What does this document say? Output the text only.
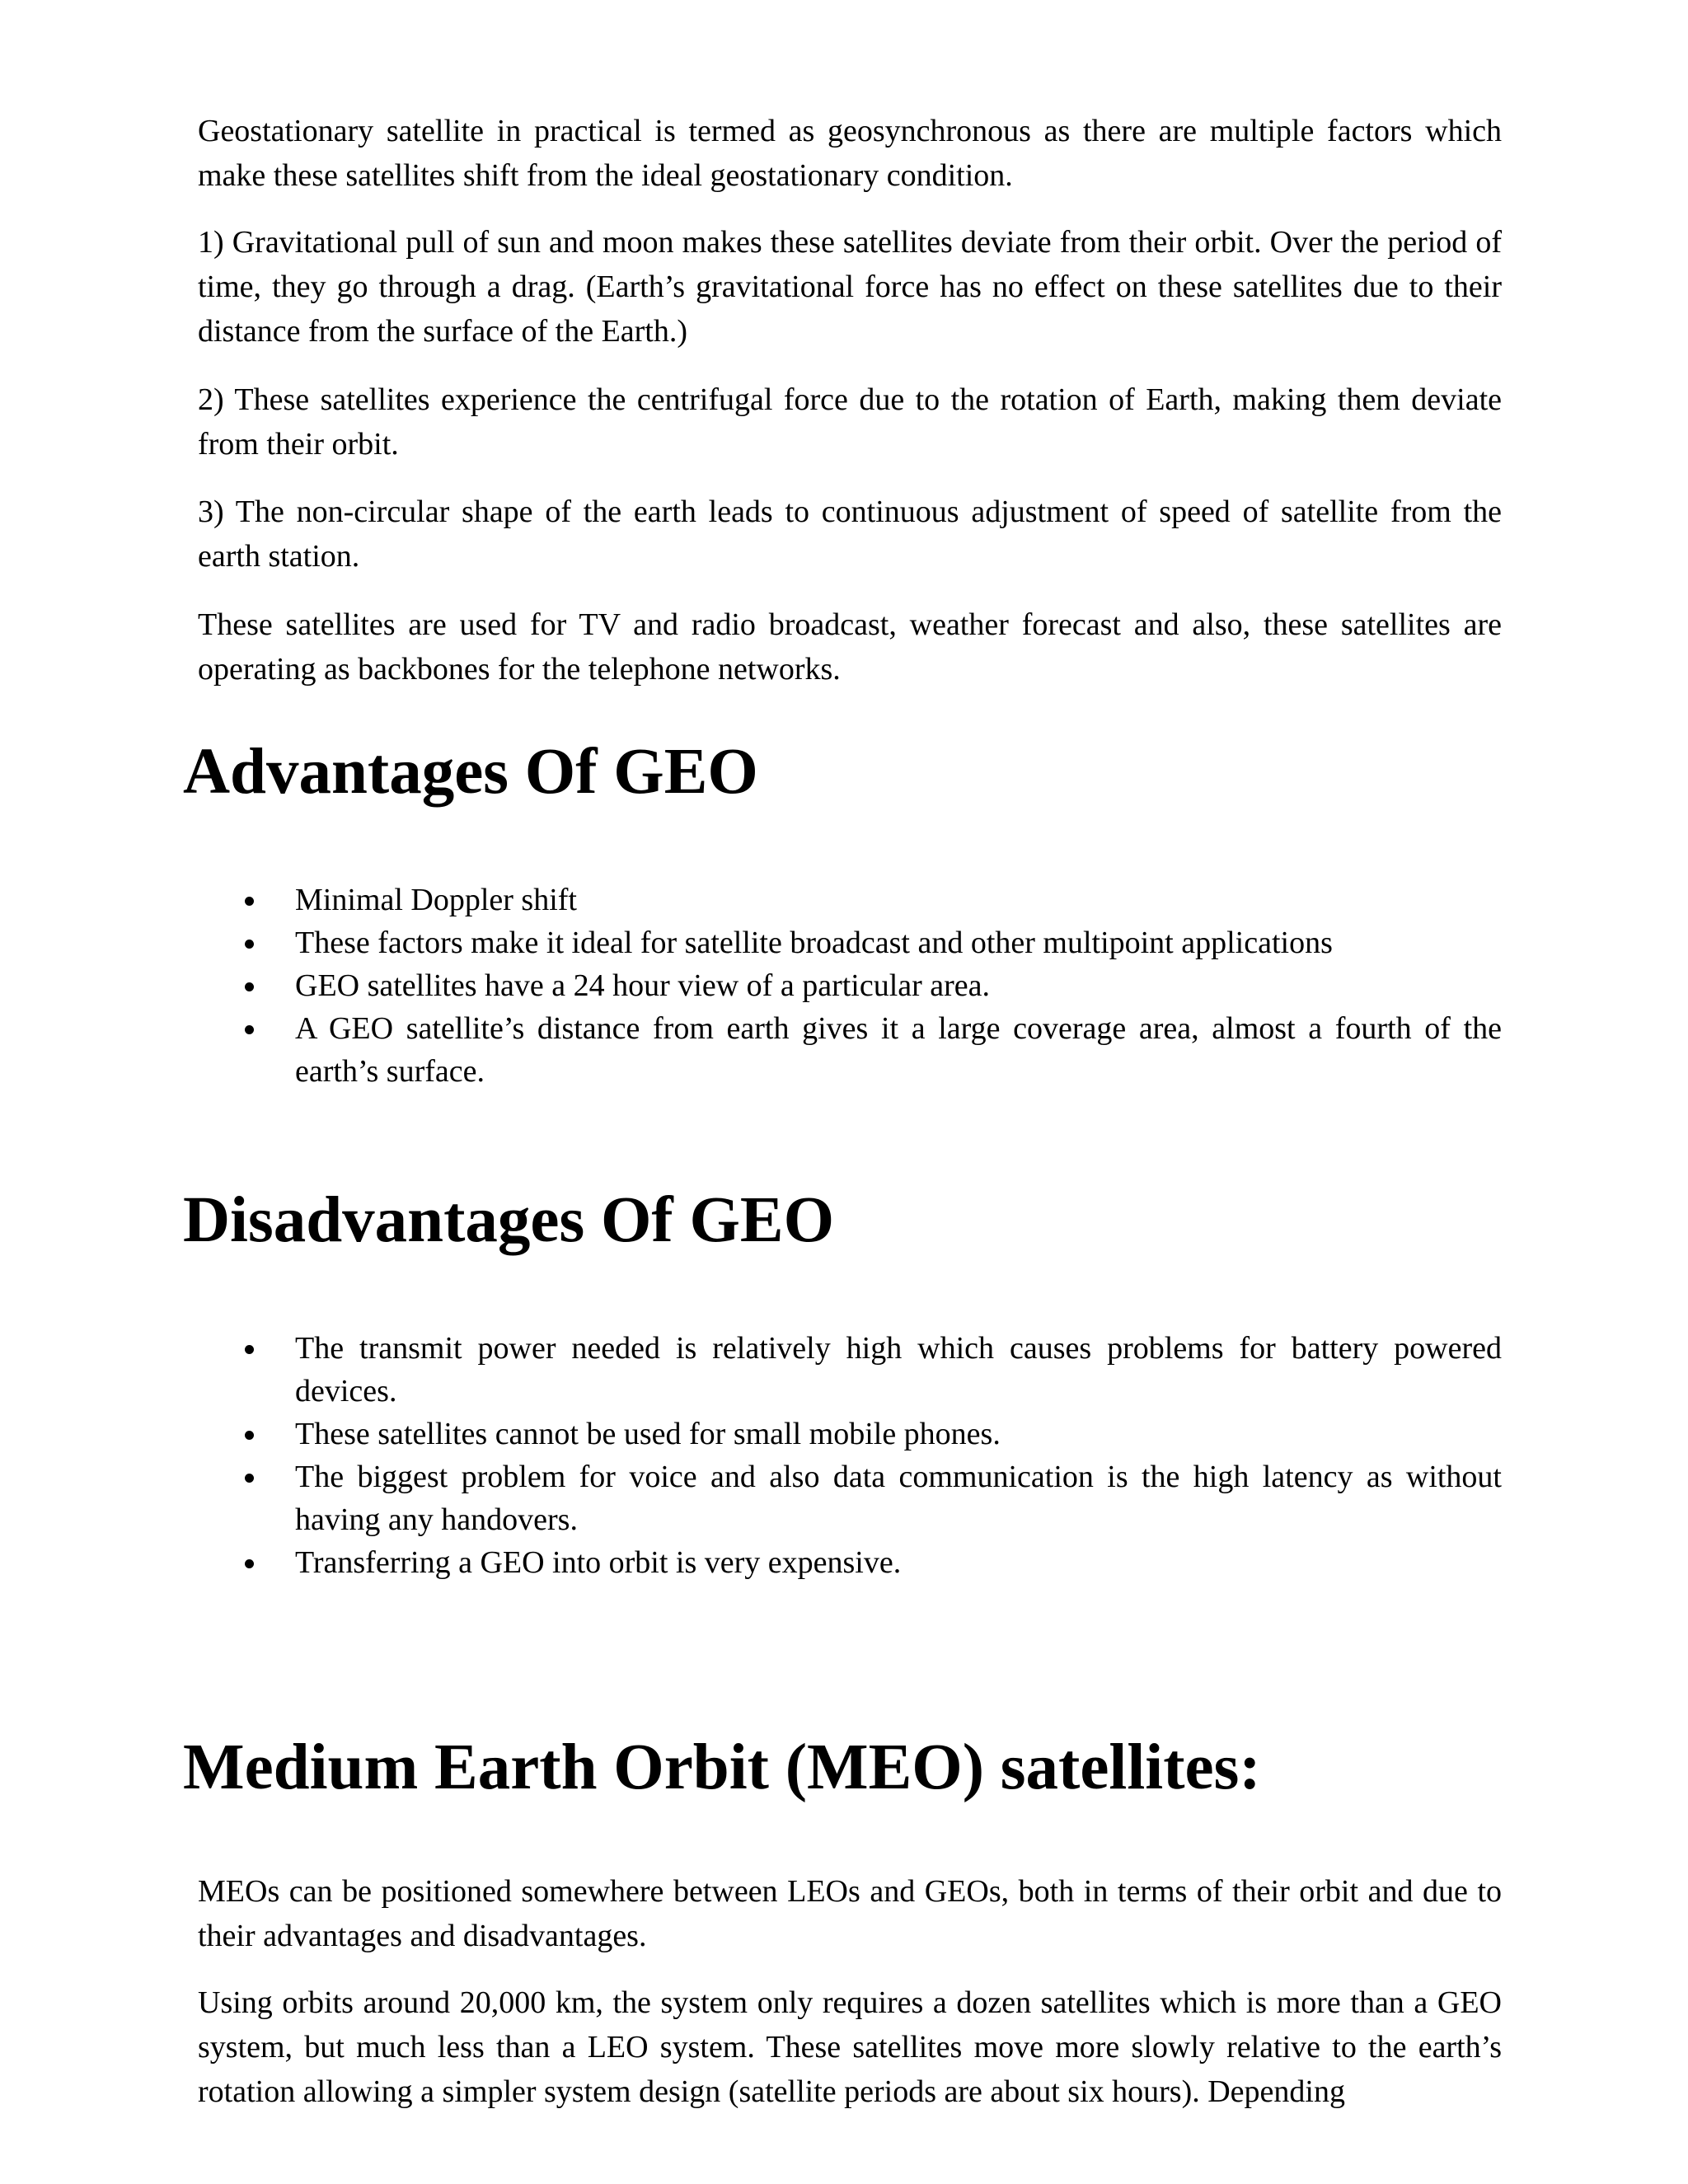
Geostationary satellite in practical is termed as geosynchronous as there are multiple factors which make these satellites shift from the ideal geostationary condition.

1) Gravitational pull of sun and moon makes these satellites deviate from their orbit. Over the period of time, they go through a drag. (Earth’s gravitational force has no effect on these satellites due to their distance from the surface of the Earth.)

2) These satellites experience the centrifugal force due to the rotation of Earth, making them deviate from their orbit.

3) The non-circular shape of the earth leads to continuous adjustment of speed of satellite from the earth station.

These satellites are used for TV and radio broadcast, weather forecast and also, these satellites are operating as backbones for the telephone networks.

Advantages Of GEO
Minimal Doppler shift
These factors make it ideal for satellite broadcast and other multipoint applications
GEO satellites have a 24 hour view of a particular area.
A GEO satellite’s distance from earth gives it a large coverage area, almost a fourth of the earth’s surface.
Disadvantages Of GEO
The transmit power needed is relatively high which causes problems for battery powered devices.
These satellites cannot be used for small mobile phones.
The biggest problem for voice and also data communication is the high latency as without having any handovers.
Transferring a GEO into orbit is very expensive.
Medium Earth Orbit (MEO) satellites:

MEOs can be positioned somewhere between LEOs and GEOs, both in terms of their orbit and due to their advantages and disadvantages.

Using orbits around 20,000 km, the system only requires a dozen satellites which is more than a GEO system, but much less than a LEO system. These satellites move more slowly relative to the earth’s rotation allowing a simpler system design (satellite periods are about six hours). Depending
